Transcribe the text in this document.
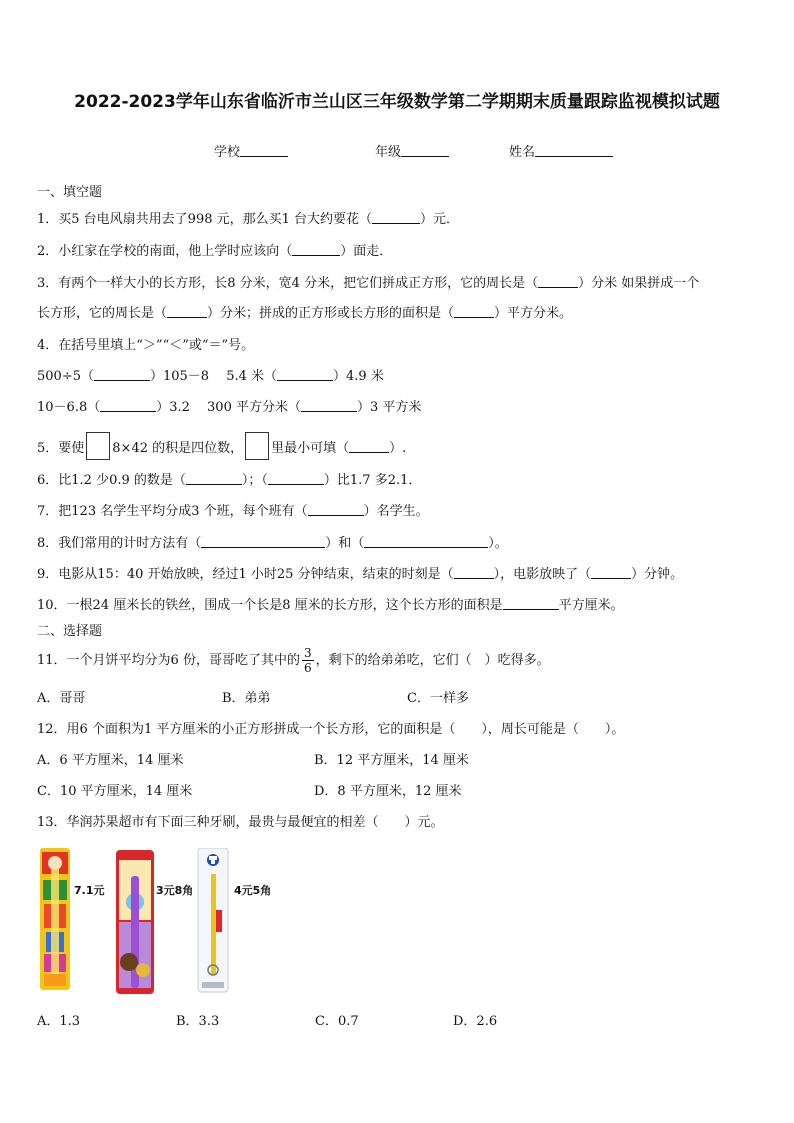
2022-2023学年山东省临沂市兰山区三年级数学第二学期期末质量跟踪监视模拟试题
学校	年级	姓名
一、填空题
1．买5 台电风扇共用去了998 元，那么买1 台大约要花（	）元．
2．小红家在学校的南面，他上学时应该向（	）面走．
3．有两个一样大小的长方形，长8 分米，宽4 分米，把它们拼成正方形，它的周长是（	）分米 如果拼成一个
长方形，它的周长是（	）分米；拼成的正方形或长方形的面积是（	）平方分米。
4．在括号里填上“＞”“＜”或“＝”号。
500÷5（	）105－8　 5.4 米（	）4.9 米
10－6.8（	）3.2　 300 平方分米（	）3 平方米
5．要使 8×42 的积是四位数， 里最小可填（	）.
6．比1.2 少0.9 的数是（	）；（	）比1.7 多2.1．
7．把123 名学生平均分成3 个班，每个班有（	）名学生。
8．我们常用的计时方法有（	）和（	）。
9．电影从15：40 开始放映，经过1 小时25 分钟结束，结束的时刻是（	），电影放映了（	）分钟。
10．一根24 厘米长的铁丝，围成一个长是8 厘米的长方形，这个长方形的面积是	平方厘米。
二、选择题
11．一个月饼平均分为6 份，哥哥吃了其中的 $\frac{3}{6}$ ，剩下的给弟弟吃，它们（　）吃得多。
A．哥哥	B．弟弟	C．一样多
12．用6 个面积为1 平方厘米的小正方形拼成一个长方形，它的面积是（　　），周长可能是（　　）。
A．6 平方厘米，14 厘米	B．12 平方厘米，14 厘米
C．10 平方厘米，14 厘米	D．8 平方厘米，12 厘米
13．华润苏果超市有下面三种牙刷，最贵与最便宜的相差（　　）元。
7.1元	3元8角	4元5角
A．1.3	B．3.3	C．0.7	D．2.6
